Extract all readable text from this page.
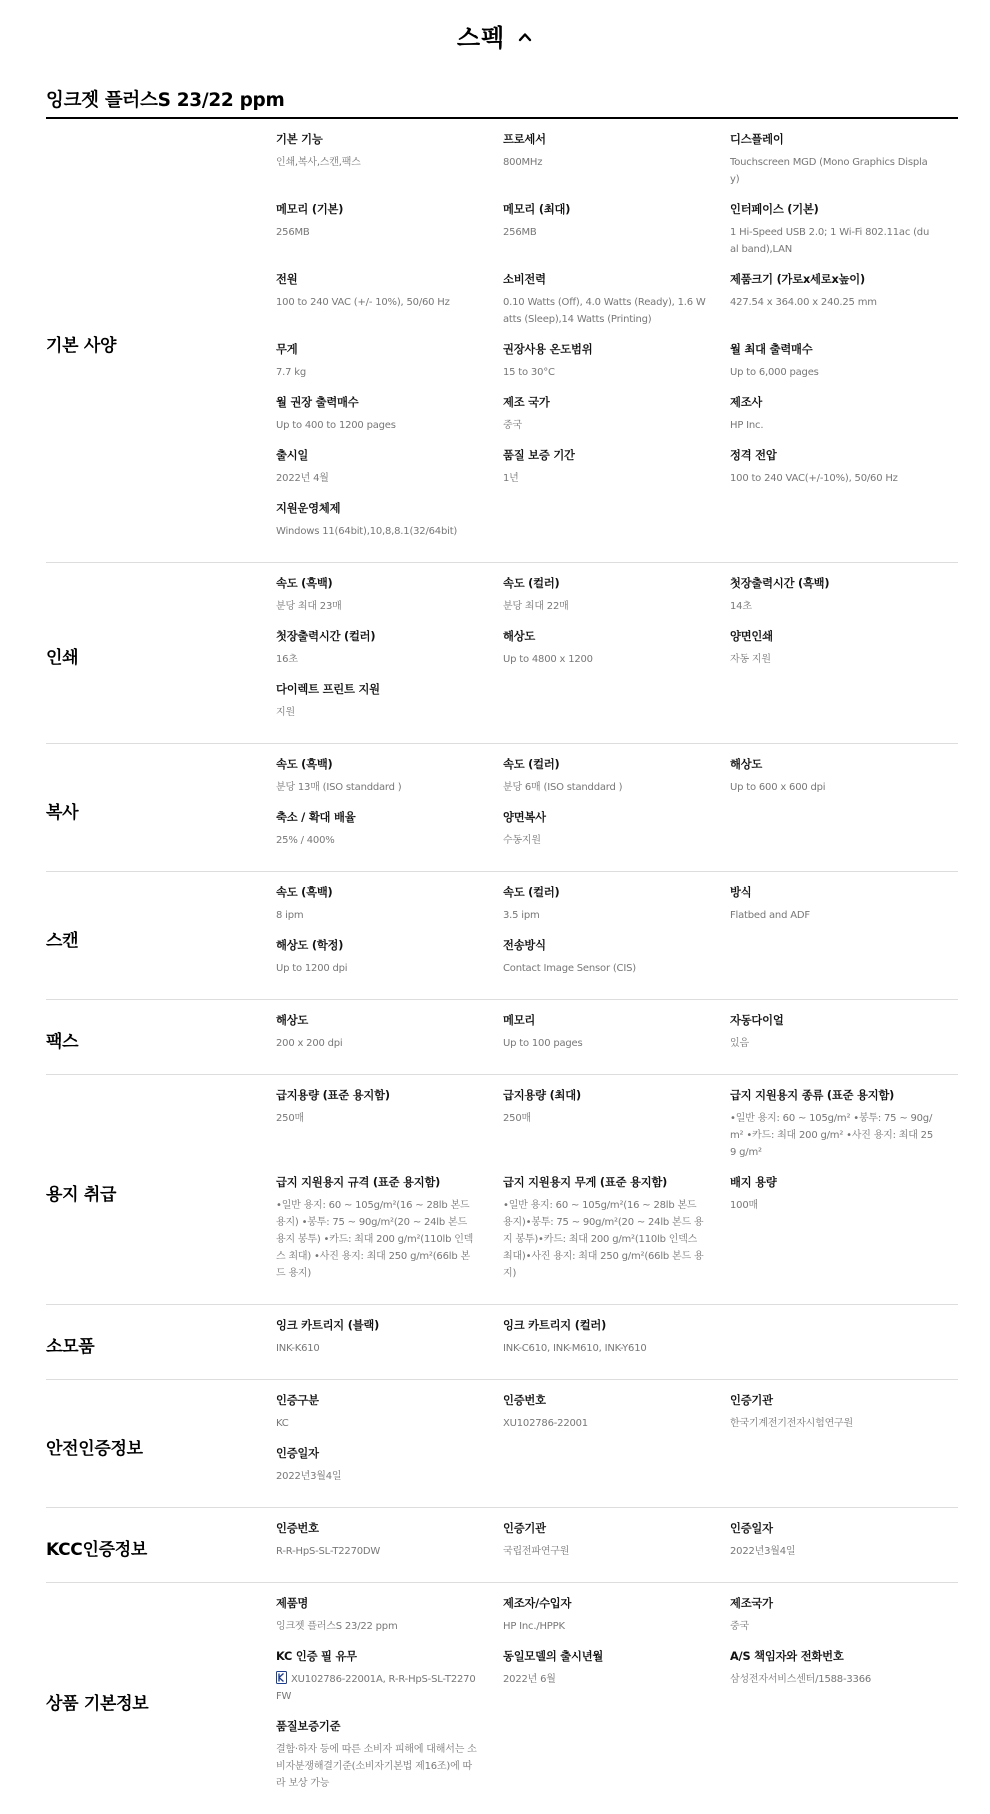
스펙
잉크젯 플러스S 23/22 ppm
기본 사양
기본 기능
인쇄,복사,스캔,팩스
프로세서
800MHz
디스플레이
Touchscreen MGD (Mono Graphics Display)
메모리 (기본)
256MB
메모리 (최대)
256MB
인터페이스 (기본)
1 Hi-Speed USB 2.0; 1 Wi-Fi 802.11ac (dual band),LAN
전원
100 to 240 VAC (+/- 10%), 50/60 Hz
소비전력
0.10 Watts (Off), 4.0 Watts (Ready), 1.6 Watts (Sleep),14 Watts (Printing)
제품크기 (가로x세로x높이)
427.54 x 364.00 x 240.25 mm
무게
7.7 kg
권장사용 온도범위
15 to 30°C
월 최대 출력매수
Up to 6,000 pages
월 권장 출력매수
Up to 400 to 1200 pages
제조 국가
중국
제조사
HP Inc.
출시일
2022년 4월
품질 보증 기간
1년
정격 전압
100 to 240 VAC(+/-10%), 50/60 Hz
지원운영체제
Windows 11(64bit),10,8,8.1(32/64bit)
인쇄
속도 (흑백)
분당 최대 23매
속도 (컬러)
분당 최대 22매
첫장출력시간 (흑백)
14초
첫장출력시간 (컬러)
16초
해상도
Up to 4800 x 1200
양면인쇄
자동 지원
다이렉트 프린트 지원
지원
복사
속도 (흑백)
분당 13매 (ISO standdard )
속도 (컬러)
분당 6매 (ISO standdard )
해상도
Up to 600 x 600 dpi
축소 / 확대 배율
25% / 400%
양면복사
수동지원
스캔
속도 (흑백)
8 ipm
속도 (컬러)
3.5 ipm
방식
Flatbed and ADF
해상도 (학정)
Up to 1200 dpi
전송방식
Contact Image Sensor (CIS)
팩스
해상도
200 x 200 dpi
메모리
Up to 100 pages
자동다이얼
있음
용지 취급
급지용량 (표준 용지함)
250매
급지용량 (최대)
250매
급지 지원용지 종류 (표준 용지함)
•일반 용지: 60 ~ 105g/m² •봉투: 75 ~ 90g/m² •카드: 최대 200 g/m² •사진 용지: 최대 259 g/m²
급지 지원용지 규격 (표준 용지함)
•일반 용지: 60 ~ 105g/m²(16 ~ 28lb 본드 용지) •봉투: 75 ~ 90g/m²(20 ~ 24lb 본드 용지 봉투) •카드: 최대 200 g/m²(110lb 인덱스 최대) •사진 용지: 최대 250 g/m²(66lb 본드 용지)
급지 지원용지 무게 (표준 용지함)
•일반 용지: 60 ~ 105g/m²(16 ~ 28lb 본드 용지)•봉투: 75 ~ 90g/m²(20 ~ 24lb 본드 용지 봉투)•카드: 최대 200 g/m²(110lb 인덱스 최대)•사진 용지: 최대 250 g/m²(66lb 본드 용지)
배지 용량
100매
소모품
잉크 카트리지 (블랙)
INK-K610
잉크 카트리지 (컬러)
INK-C610, INK-M610, INK-Y610
안전인증정보
인증구분
KC
인증번호
XU102786-22001
인증기관
한국기계전기전자시험연구원
인증일자
2022년3월4일
KCC인증정보
인증번호
R-R-HpS-SL-T2270DW
인증기관
국립전파연구원
인증일자
2022년3월4일
상품 기본정보
제품명
잉크젯 플러스S 23/22 ppm
제조자/수입자
HP Inc./HPPK
제조국가
중국
KC 인증 필 유무
XU102786-22001A, R-R-HpS-SL-T2270FW
동일모델의 출시년월
2022년 6월
A/S 책임자와 전화번호
삼성전자서비스센터/1588-3366
품질보증기준
결함·하자 등에 따른 소비자 피해에 대해서는 소비자분쟁해결기준(소비자기본법 제16조)에 따라 보상 가능
